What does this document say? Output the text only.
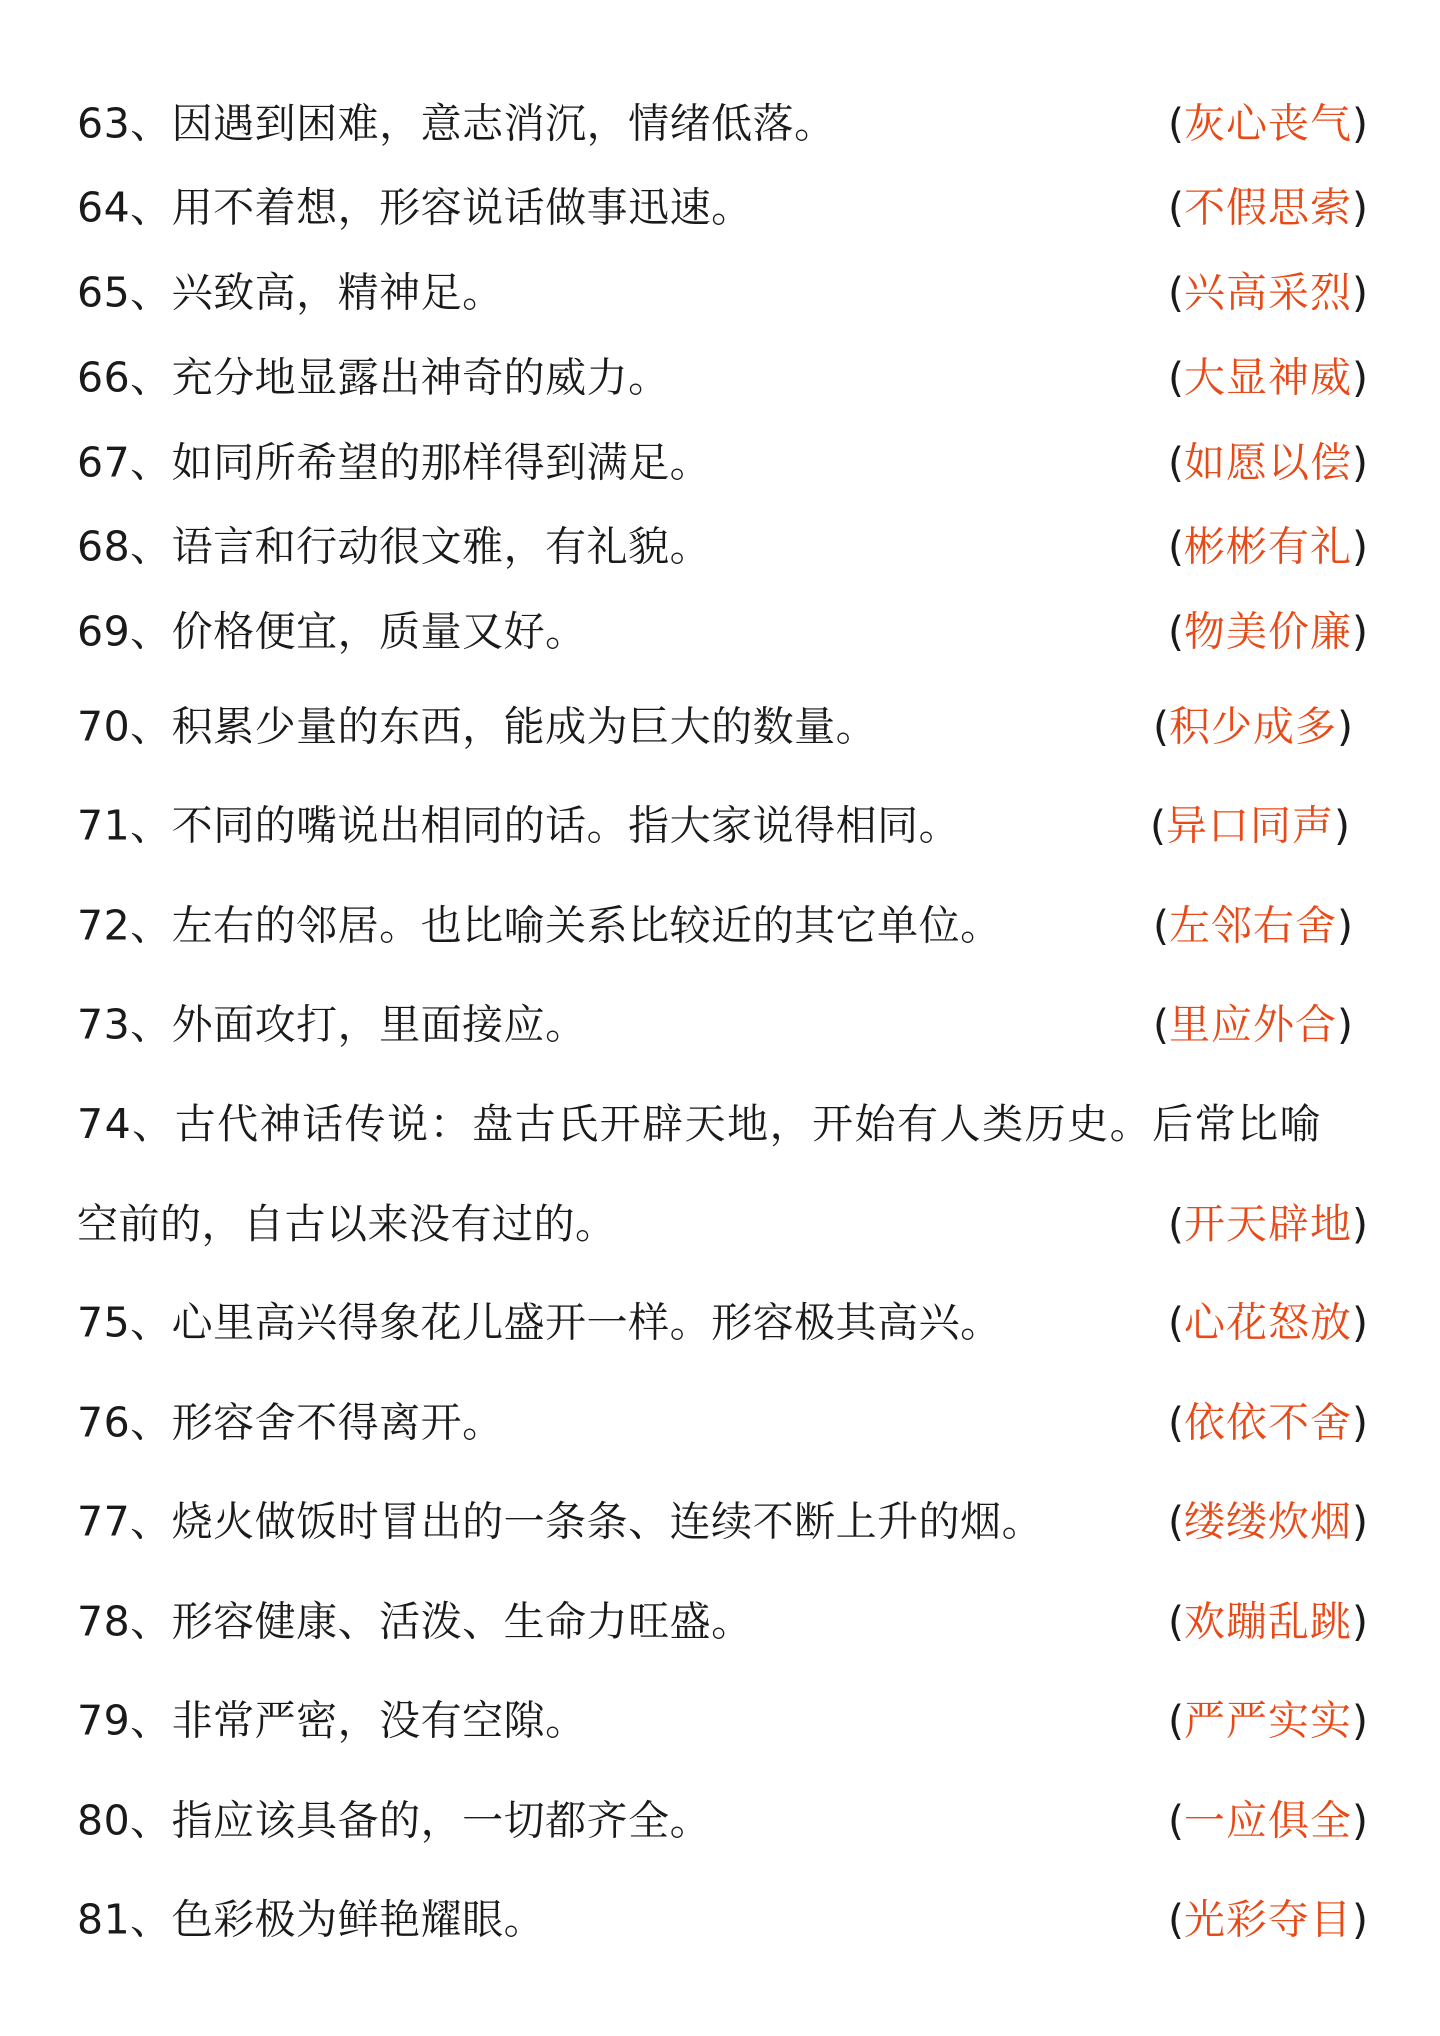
63、因遇到困难，意志消沉，情绪低落。	(灰心丧气)
64、用不着想，形容说话做事迅速。	(不假思索)
65、兴致高，精神足。	(兴高采烈)
66、充分地显露出神奇的威力。	(大显神威)
67、如同所希望的那样得到满足。	(如愿以偿)
68、语言和行动很文雅，有礼貌。	(彬彬有礼)
69、价格便宜，质量又好。	(物美价廉)
70、积累少量的东西，能成为巨大的数量。	(积少成多)
71、不同的嘴说出相同的话。指大家说得相同。	(异口同声)
72、左右的邻居。也比喻关系比较近的其它单位。	(左邻右舍)
73、外面攻打，里面接应。	(里应外合)
74、古代神话传说：盘古氏开辟天地，开始有人类历史。后常比喻
空前的，自古以来没有过的。	(开天辟地)
75、心里高兴得象花儿盛开一样。形容极其高兴。	(心花怒放)
76、形容舍不得离开。	(依依不舍)
77、烧火做饭时冒出的一条条、连续不断上升的烟。	(缕缕炊烟)
78、形容健康、活泼、生命力旺盛。	(欢蹦乱跳)
79、非常严密，没有空隙。	(严严实实)
80、指应该具备的，一切都齐全。	(一应俱全)
81、色彩极为鲜艳耀眼。	(光彩夺目)
